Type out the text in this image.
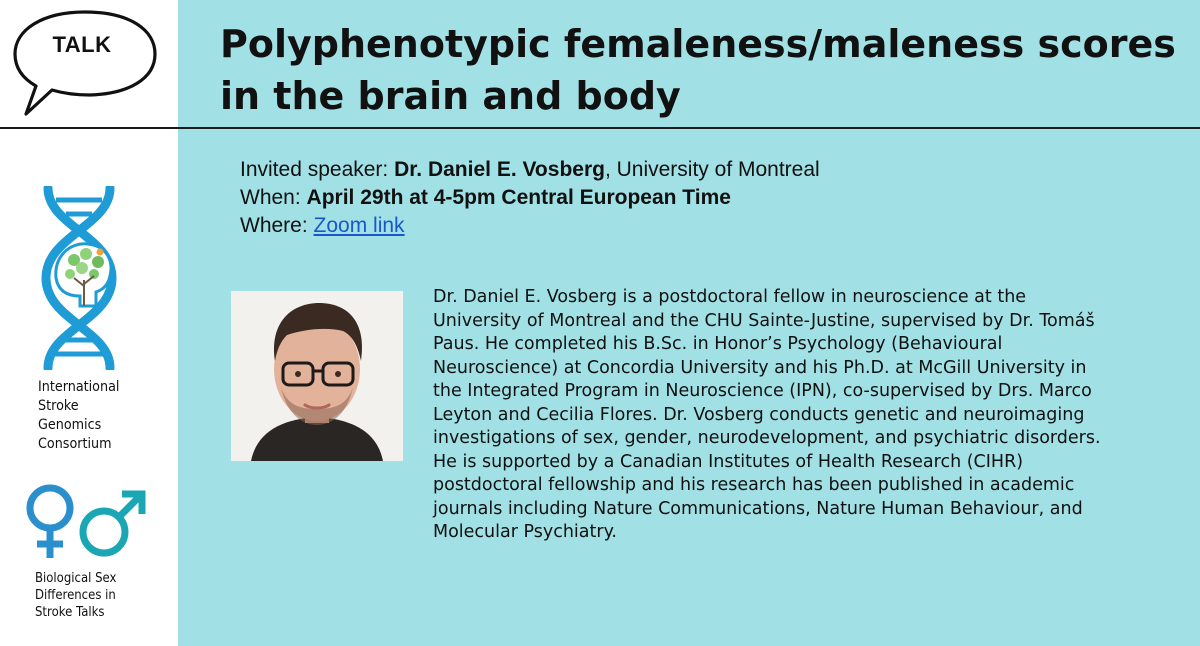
TALK	Polyphenotypic femaleness/maleness scores
in the brain and body
Invited speaker: Dr. Daniel E. Vosberg, University of Montreal
When: April 29th at 4-5pm Central European Time
Where: Zoom link
Dr. Daniel E. Vosberg is a postdoctoral fellow in neuroscience at the
University of Montreal and the CHU Sainte-Justine, supervised by Dr. Tomáš
Paus. He completed his B.Sc. in Honor’s Psychology (Behavioural
Neuroscience) at Concordia University and his Ph.D. at McGill University in
the Integrated Program in Neuroscience (IPN), co-supervised by Drs. Marco
Leyton and Cecilia Flores. Dr. Vosberg conducts genetic and neuroimaging
investigations of sex, gender, neurodevelopment, and psychiatric disorders.
He is supported by a Canadian Institutes of Health Research (CIHR)
postdoctoral fellowship and his research has been published in academic
journals including Nature Communications, Nature Human Behaviour, and
Molecular Psychiatry.
International
Stroke
Genomics
Consortium
Biological Sex
Differences in
Stroke Talks
